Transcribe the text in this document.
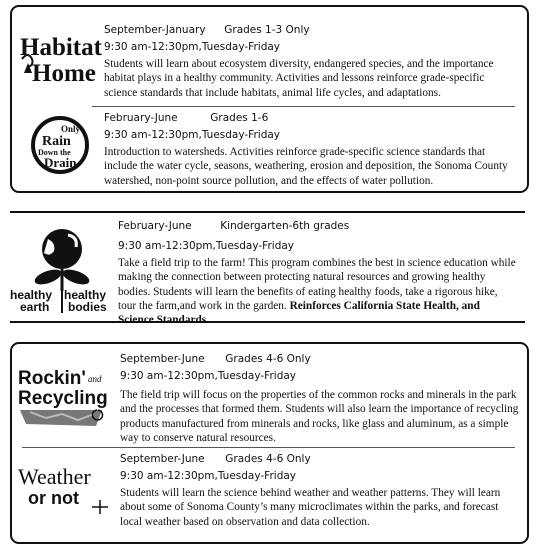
Habitat
Home
September-January Grades 1-3 Only
9:30 am-12:30pm,Tuesday-Friday
Students will learn about ecosystem diversity, endangered species, and the importance habitat plays in a healthy community. Activities and lessons reinforce grade-specific science standards that include habitats, animal life cycles, and adaptations.
Only
Rain
Down the
Drain
February-June	Grades 1-6
9:30 am-12:30pm,Tuesday-Friday
Introduction to watersheds. Activities reinforce grade-specific science standards that include the water cycle, seasons, weathering, erosion and deposition, the Sonoma County watershed, non-point source pollution, and the effects of water pollution.
healthy
earth
healthy
bodies
February-June	Kindergarten-6th grades
9:30 am-12:30pm,Tuesday-Friday
Take a field trip to the farm! This program combines the best in science education while making the connection between protecting natural resources and growing healthy bodies. Students will learn the benefits of eating healthy foods, take a rigorous hike, tour the farm,and work in the garden. Reinforces California State Health, and Science Standards.
Rockin' and
Recycling
September-June Grades 4-6 Only
9:30 am-12:30pm,Tuesday-Friday
The field trip will focus on the properties of the common rocks and minerals in the park and the processes that formed them. Students will also learn the importance of recycling products manufactured from minerals and rocks, like glass and aluminum, as a simple way to conserve natural resources.
Weather
or not
September-June Grades 4-6 Only
9:30 am-12:30pm,Tuesday-Friday
Students will learn the science behind weather and weather patterns. They will learn about some of Sonoma County’s many microclimates within the parks, and forecast local weather based on observation and data collection.
